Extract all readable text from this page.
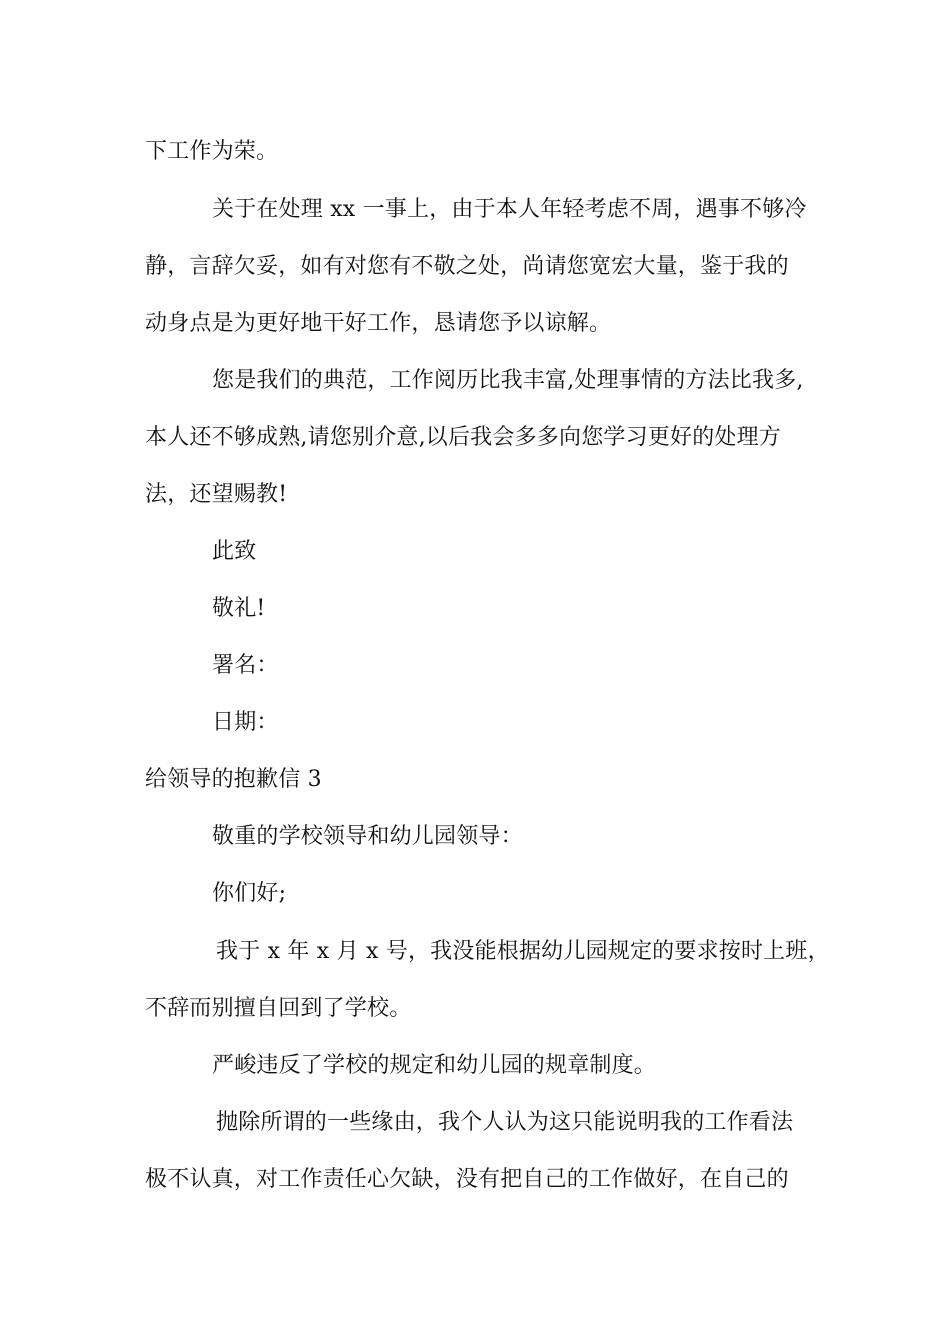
下工作为荣。
关于在处理 xx 一事上，由于本人年轻考虑不周，遇事不够冷
静，言辞欠妥，如有对您有不敬之处，尚请您宽宏大量，鉴于我的
动身点是为更好地干好工作，恳请您予以谅解。
您是我们的典范，工作阅历比我丰富,处理事情的方法比我多,
本人还不够成熟,请您别介意,以后我会多多向您学习更好的处理方
法，还望赐教!
此致
敬礼!
署名：
日期：
给领导的抱歉信 3
敬重的学校领导和幼儿园领导：
你们好;
我于 x 年 x 月 x 号，我没能根据幼儿园规定的要求按时上班，
不辞而别擅自回到了学校。
严峻违反了学校的规定和幼儿园的规章制度。
抛除所谓的一些缘由，我个人认为这只能说明我的工作看法
极不认真，对工作责任心欠缺，没有把自己的工作做好，在自己的
